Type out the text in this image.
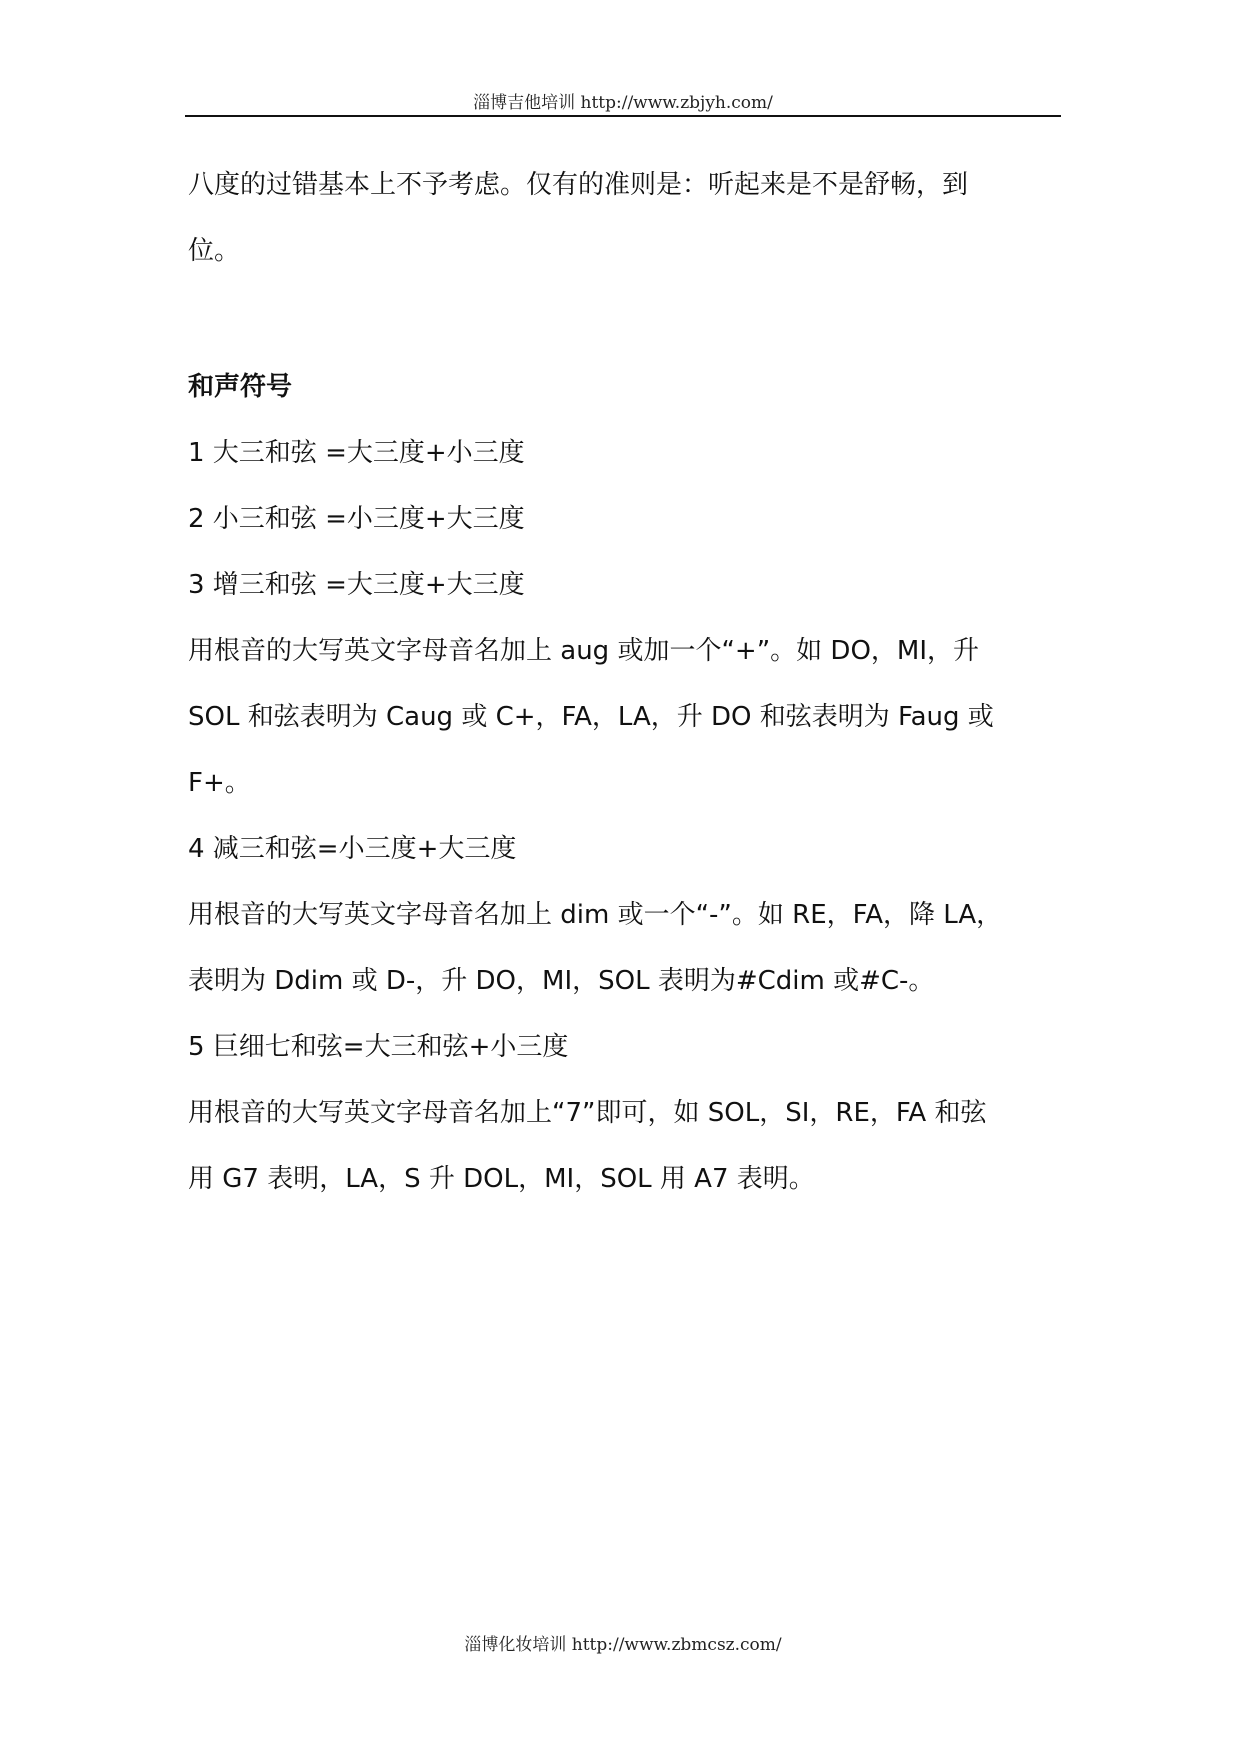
淄博吉他培训 http://www.zbjyh.com/
八度的过错基本上不予考虑。仅有的准则是：听起来是不是舒畅，到
位。
和声符号
1 大三和弦 =大三度+小三度
2 小三和弦 =小三度+大三度
3 增三和弦 =大三度+大三度
用根音的大写英文字母音名加上 aug 或加一个“+”。如 DO，MI，升
SOL 和弦表明为 Caug 或 C+，FA，LA，升 DO 和弦表明为 Faug 或
F+。
4 减三和弦=小三度+大三度
用根音的大写英文字母音名加上 dim 或一个“-”。如 RE，FA，降 LA，
表明为 Ddim 或 D-，升 DO，MI，SOL 表明为#Cdim 或#C-。
5 巨细七和弦=大三和弦+小三度
用根音的大写英文字母音名加上“7”即可，如 SOL，SI，RE，FA 和弦
用 G7 表明，LA，S 升 DOL，MI，SOL 用 A7 表明。
淄博化妆培训 http://www.zbmcsz.com/
